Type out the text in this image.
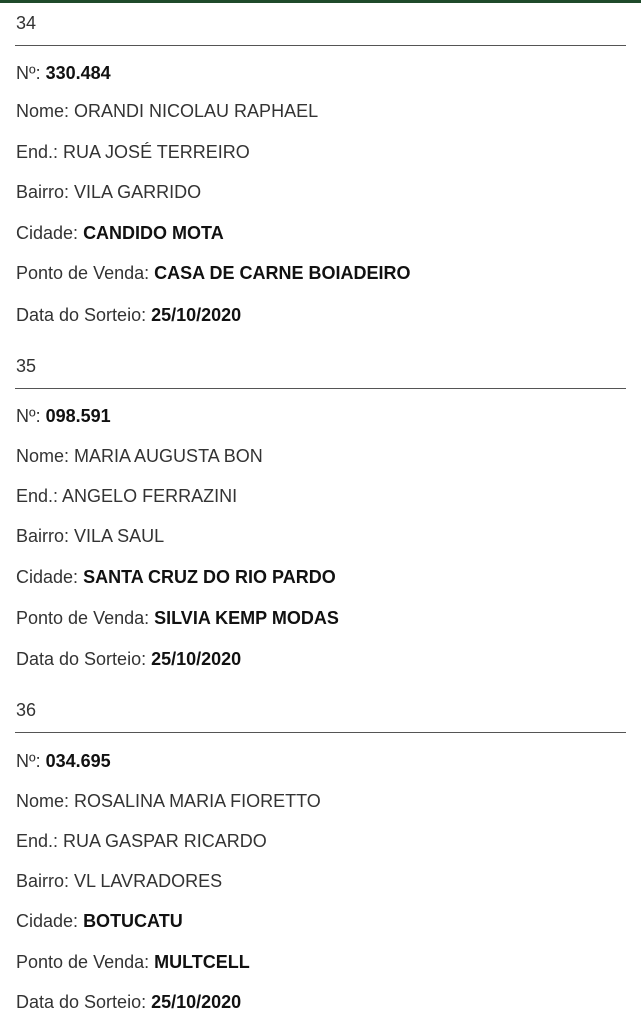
34
Nº: 330.484
Nome: ORANDI NICOLAU RAPHAEL
End.: RUA JOSÉ TERREIRO
Bairro: VILA GARRIDO
Cidade: CANDIDO MOTA
Ponto de Venda: CASA DE CARNE BOIADEIRO
Data do Sorteio: 25/10/2020
35
Nº: 098.591
Nome: MARIA AUGUSTA BON
End.: ANGELO FERRAZINI
Bairro: VILA SAUL
Cidade: SANTA CRUZ DO RIO PARDO
Ponto de Venda: SILVIA KEMP MODAS
Data do Sorteio: 25/10/2020
36
Nº: 034.695
Nome: ROSALINA MARIA FIORETTO
End.: RUA GASPAR RICARDO
Bairro: VL LAVRADORES
Cidade: BOTUCATU
Ponto de Venda: MULTCELL
Data do Sorteio: 25/10/2020
